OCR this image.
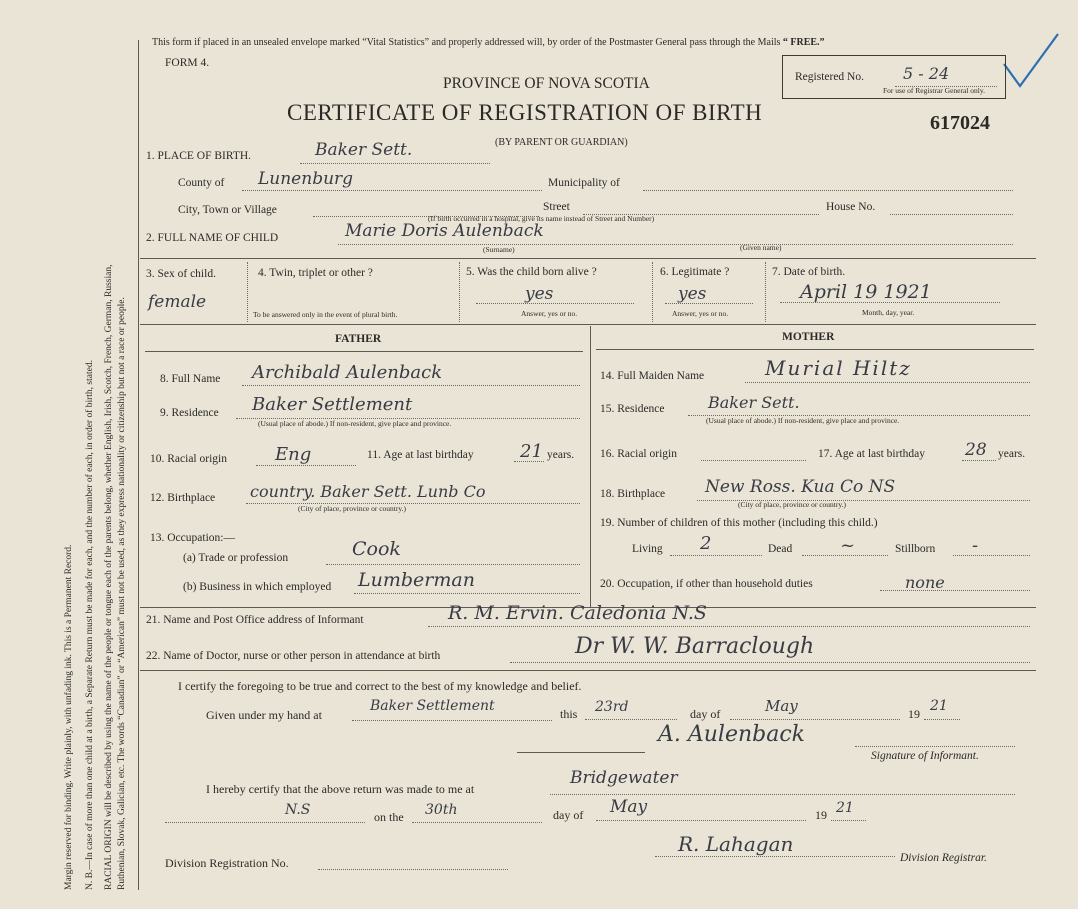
Margin reserved for binding. Write plainly, with unfading ink. This is a Permanent Record. N. B.—In case of more than one child at a birth, a Separate Return must be made for each, and the number of each, in order of birth, stated. RACIAL ORIGIN will be described by using the name of the people or tongue each of the parents belong, whether English, Irish, Scotch, French, German, Russian, Ruthenian, Slovak, Galician, etc. The words “Canadian” or “American” must not be used, as they express nationality or citizenship but not a race or people.
This form if placed in an unsealed envelope marked “Vital Statistics” and properly addressed will, by order of the Postmaster General pass through the Mails “ FREE.”
FORM 4.
Registered No. 5 - 24
For use of Registrar General only.
PROVINCE OF NOVA SCOTIA
CERTIFICATE OF REGISTRATION OF BIRTH	617024
(BY PARENT OR GUARDIAN)
1. PLACE OF BIRTH.	Baker Sett.
County of Lunenburg	Municipality of
City, Town or Village	Street	House No.
(If birth occurred in a hospital, give its name instead of Street and Number)
2. FULL NAME OF CHILD	Marie Doris Aulenback
(Surname)	(Given name)
3. Sex of child.
female
4. Twin, triplet or other ?
To be answered only in the event of plural birth.
5. Was the child born alive ?
yes
Answer, yes or no.
6. Legitimate ?
yes
Answer, yes or no.
7. Date of birth.
April 19 1921
Month, day, year.
FATHER	MOTHER
8. Full Name Archibald Aulenback
9. Residence Baker Settlement
(Usual place of abode.) If non-resident, give place and province.
10. Racial origin	Eng	11. Age at last birthday	21 years.
12. Birthplace country. Baker Sett. Lunb Co
(City of place, province or country.)
13. Occupation:—
(a) Trade or profession	Cook
(b) Business in which employed Lumberman
14. Full Maiden Name	Murial Hiltz
15. Residence	Baker Sett.
(Usual place of abode.) If non-resident, give place and province.
16. Racial origin	17. Age at last birthday 28 years.
18. Birthplace New Ross. Kua Co NS
(City of place, province or country.)
19. Number of children of this mother (including this child.)
Living 2	Dead	~	Stillborn -
20. Occupation, if other than household duties	none
21. Name and Post Office address of Informant	R. M. Ervin. Caledonia N.S
22. Name of Doctor, nurse or other person in attendance at birth	Dr W. W. Barraclough
I certify the foregoing to be true and correct to the best of my knowledge and belief.
Given under my hand at
Baker Settlement	this 23rd	day of	May	19 21
A. Aulenback
Signature of Informant.
I hereby certify that the above return was made to me at
Bridgewater
N.S	on the 30th	day of May	19 21
R. Lahagan
Division Registration No.	Division Registrar.
